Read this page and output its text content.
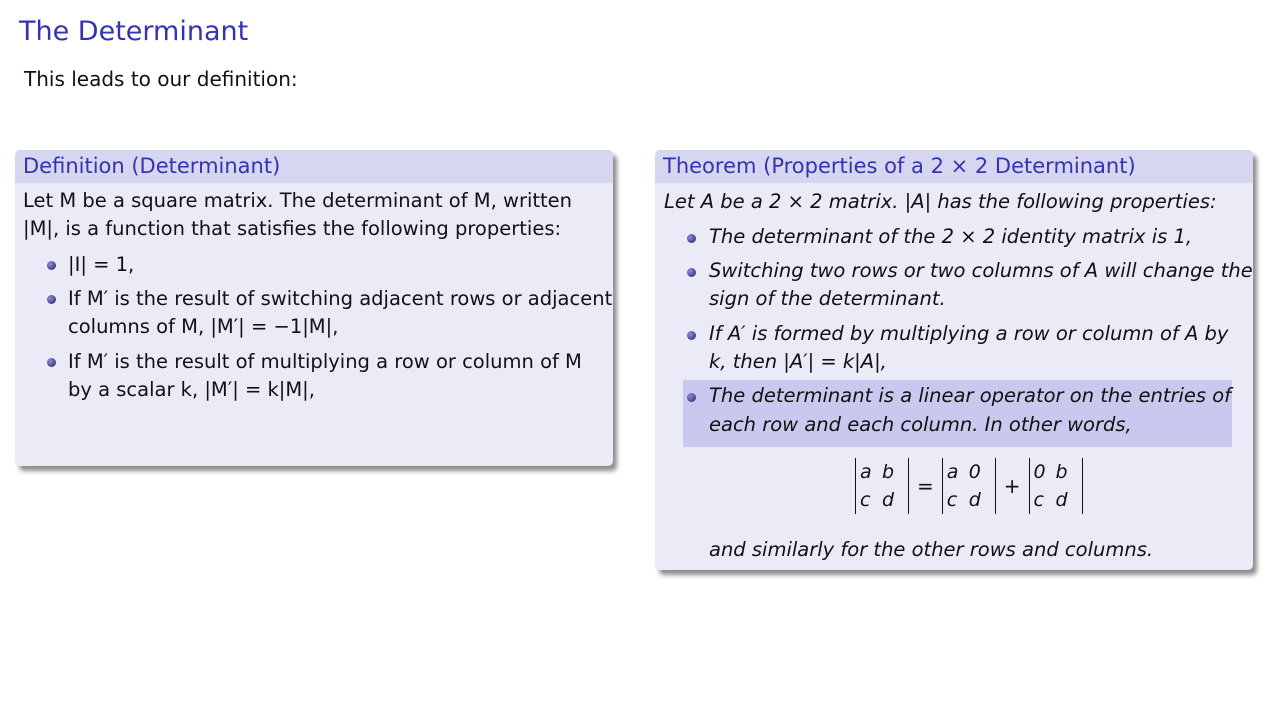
The Determinant
This leads to our definition:
Definition (Determinant)
Let M be a square matrix. The determinant of M, written
|M|, is a function that satisfies the following properties:
|I| = 1,
If M′ is the result of switching adjacent rows or adjacent
columns of M, |M′| = −1|M|,
If M′ is the result of multiplying a row or column of M
by a scalar k, |M′| = k|M|,
Theorem (Properties of a 2 × 2 Determinant)
Let A be a 2 × 2 matrix. |A| has the following properties:
The determinant of the 2 × 2 identity matrix is 1,
Switching two rows or two columns of A will change the
sign of the determinant.
If A′ is formed by multiplying a row or column of A by
k, then |A′| = k|A|,
The determinant is a linear operator on the entries of
each row and each column. In other words,
a b
c d=a 0
c d+0 b
c d
and similarly for the other rows and columns.
